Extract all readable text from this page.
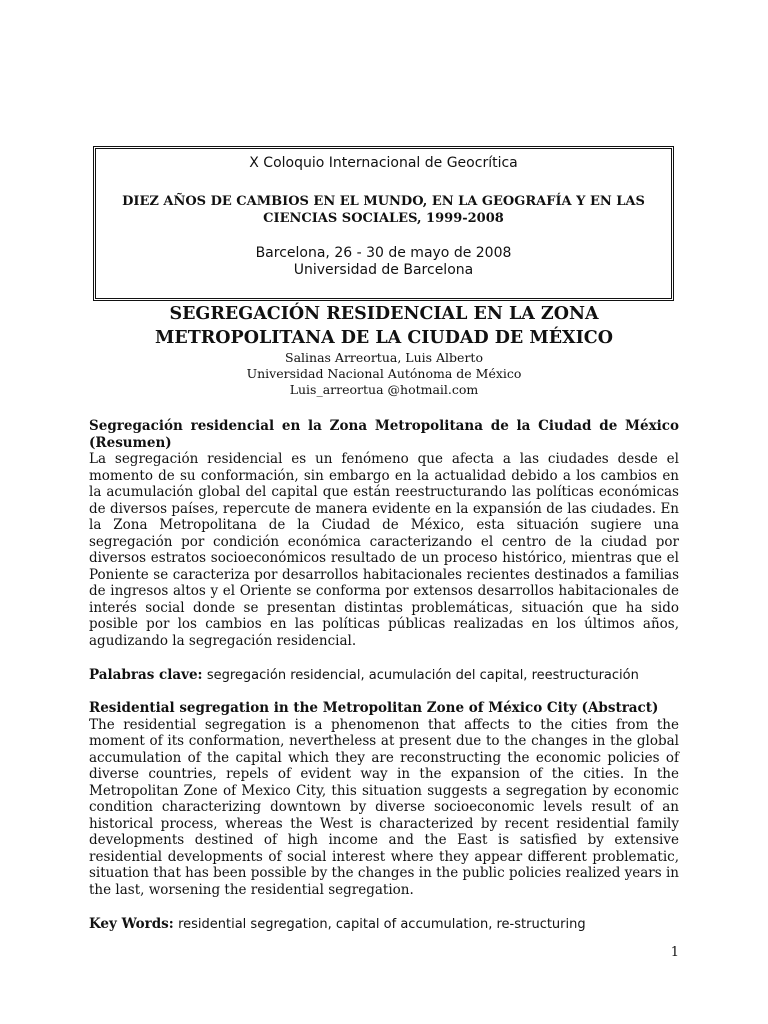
X Coloquio Internacional de Geocrítica
DIEZ AÑOS DE CAMBIOS EN EL MUNDO, EN LA GEOGRAFÍA Y EN LAS
CIENCIAS SOCIALES, 1999-2008
Barcelona, 26 - 30 de mayo de 2008
Universidad de Barcelona
SEGREGACIÓN RESIDENCIAL EN LA ZONA
METROPOLITANA DE LA CIUDAD DE MÉXICO
Salinas Arreortua, Luis Alberto
Universidad Nacional Autónoma de México
Luis_arreortua @hotmail.com
Segregación residencial en la Zona Metropolitana de la Ciudad de México (Resumen)
La segregación residencial es un fenómeno que afecta a las ciudades desde el momento de su conformación, sin embargo en la actualidad debido a los cambios en la acumulación global del capital que están reestructurando las políticas económicas de diversos países, repercute de manera evidente en la expansión de las ciudades. En la Zona Metropolitana de la Ciudad de México, esta situación sugiere una segregación por condición económica caracterizando el centro de la ciudad por diversos estratos socioeconómicos resultado de un proceso histórico, mientras que el Poniente se caracteriza por desarrollos habitacionales recientes destinados a familias de ingresos altos y el Oriente se conforma por extensos desarrollos habitacionales de interés social donde se presentan distintas problemáticas, situación que ha sido posible por los cambios en las políticas públicas realizadas en los últimos años, agudizando la segregación residencial.
Palabras clave: segregación residencial, acumulación del capital, reestructuración
Residential segregation in the Metropolitan Zone of México City (Abstract)
The residential segregation is a phenomenon that affects to the cities from the moment of its conformation, nevertheless at present due to the changes in the global accumulation of the capital which they are reconstructing the economic policies of diverse countries, repels of evident way in the expansion of the cities. In the Metropolitan Zone of Mexico City, this situation suggests a segregation by economic condition characterizing downtown by diverse socioeconomic levels result of an historical process, whereas the West is characterized by recent residential family developments destined of high income and the East is satisfied by extensive residential developments of social interest where they appear different problematic, situation that has been possible by the changes in the public policies realized years in the last, worsening the residential segregation.
Key Words: residential segregation, capital of accumulation, re-structuring
1
